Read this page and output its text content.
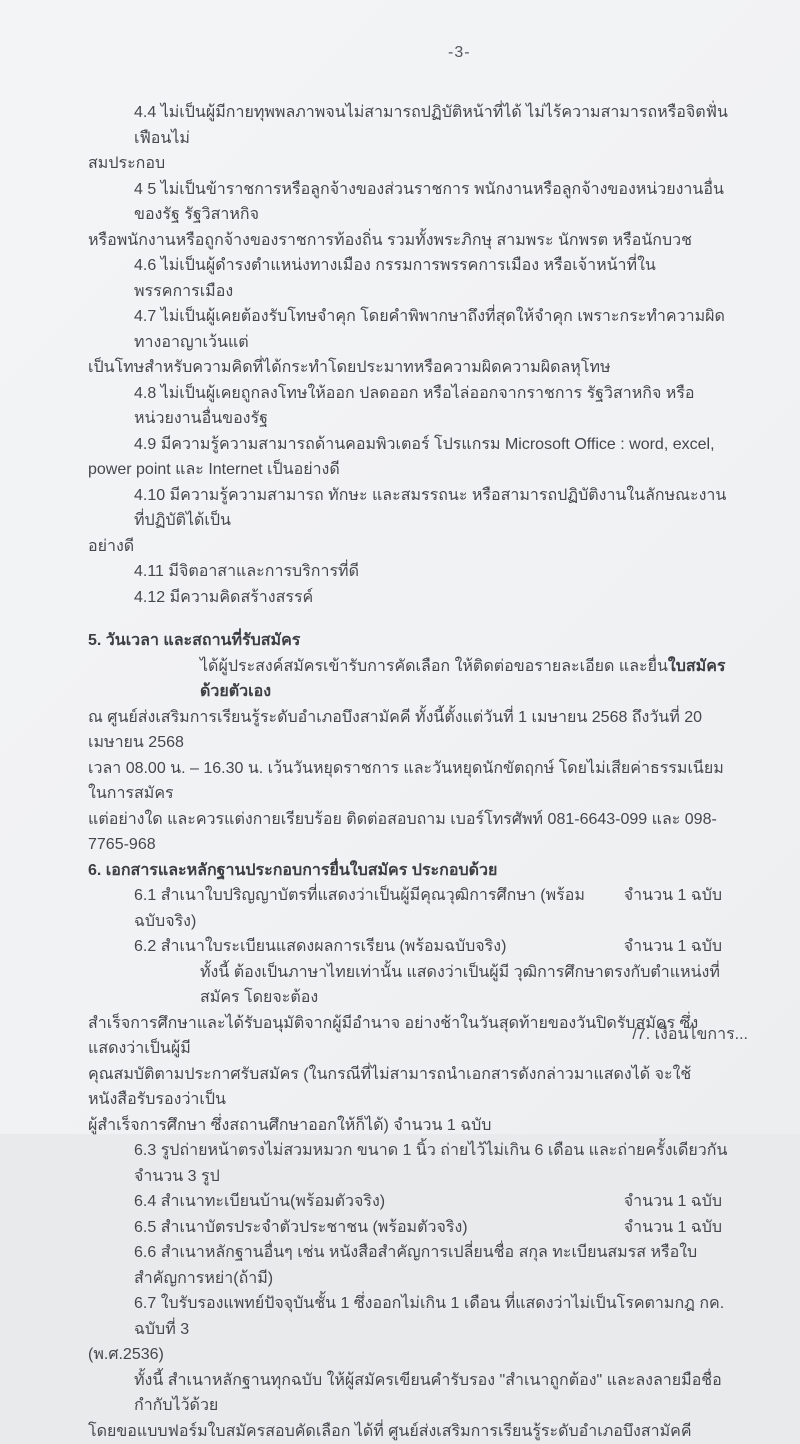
-3-
4.4 ไม่เป็นผู้มีกายทุพพลภาพจนไม่สามารถปฏิบัติหน้าที่ได้ ไม่ไร้ความสามารถหรือจิตฟั่นเฟือนไม่
สมประกอบ
4 5 ไม่เป็นข้าราชการหรือลูกจ้างของส่วนราชการ พนักงานหรือลูกจ้างของหน่วยงานอื่นของรัฐ รัฐวิสาหกิจ
หรือพนักงานหรือถูกจ้างของราชการท้องถิ่น รวมทั้งพระภิกษุ สามพระ นักพรต หรือนักบวช
4.6 ไม่เป็นผู้ดำรงตำแหน่งทางเมือง กรรมการพรรคการเมือง หรือเจ้าหน้าที่ในพรรคการเมือง
4.7 ไม่เป็นผู้เคยต้องรับโทษจำคุก โดยคำพิพากษาถึงที่สุดให้จำคุก เพราะกระทำความผิดทางอาญาเว้นแต่
เป็นโทษสำหรับความคิดที่ได้กระทำโดยประมาทหรือความผิดความผิดลหุโทษ
4.8 ไม่เป็นผู้เคยถูกลงโทษให้ออก ปลดออก หรือไล่ออกจากราชการ รัฐวิสาหกิจ หรือหน่วยงานอื่นของรัฐ
4.9 มีความรู้ความสามารถด้านคอมพิวเตอร์ โปรแกรม Microsoft Office : word, excel,
power point และ Internet เป็นอย่างดี
4.10 มีความรู้ความสามารถ ทักษะ และสมรรถนะ หรือสามารถปฏิบัติงานในลักษณะงานที่ปฏิบัติได้เป็น
อย่างดี
4.11 มีจิตอาสาและการบริการที่ดี
4.12 มีความคิดสร้างสรรค์
5. วันเวลา และสถานที่รับสมัคร
ได้ผู้ประสงค์สมัครเข้ารับการคัดเลือก ให้ติดต่อขอรายละเอียด และยื่นใบสมัครด้วยตัวเอง
ณ ศูนย์ส่งเสริมการเรียนรู้ระดับอำเภอบึงสามัคคี ทั้งนี้ตั้งแต่วันที่ 1 เมษายน 2568 ถึงวันที่ 20 เมษายน 2568
เวลา 08.00 น. – 16.30 น. เว้นวันหยุดราชการ และวันหยุดนักขัตฤกษ์ โดยไม่เสียค่าธรรมเนียมในการสมัคร
แต่อย่างใด และควรแต่งกายเรียบร้อย ติดต่อสอบถาม เบอร์โทรศัพท์ 081-6643-099 และ 098-7765-968
6. เอกสารและหลักฐานประกอบการยื่นใบสมัคร ประกอบด้วย
6.1 สำเนาใบปริญญาบัตรที่แสดงว่าเป็นผู้มีคุณวุฒิการศึกษา (พร้อมฉบับจริง)
จำนวน 1 ฉบับ
6.2 สำเนาใบระเบียนแสดงผลการเรียน (พร้อมฉบับจริง)	จำนวน 1 ฉบับ
ทั้งนี้ ต้องเป็นภาษาไทยเท่านั้น แสดงว่าเป็นผู้มี วุฒิการศึกษาตรงกับตำแหน่งที่สมัคร โดยจะต้อง
สำเร็จการศึกษาและได้รับอนุมัติจากผู้มีอำนาจ อย่างช้าในวันสุดท้ายของวันปิดรับสมัคร ซึ่งแสดงว่าเป็นผู้มี
คุณสมบัติตามประกาศรับสมัคร (ในกรณีที่ไม่สามารถนำเอกสารดังกล่าวมาแสดงได้ จะใช้หนังสือรับรองว่าเป็น
ผู้สำเร็จการศึกษา ซึ่งสถานศึกษาออกให้ก็ได้) จำนวน 1 ฉบับ
6.3 รูปถ่ายหน้าตรงไม่สวมหมวก ขนาด 1 นิ้ว ถ่ายไว้ไม่เกิน 6 เดือน และถ่ายครั้งเดียวกัน จำนวน 3 รูป
6.4 สำเนาทะเบียนบ้าน(พร้อมตัวจริง)	จำนวน 1 ฉบับ
6.5 สำเนาบัตรประจำตัวประชาชน (พร้อมตัวจริง)	จำนวน 1 ฉบับ
6.6 สำเนาหลักฐานอื่นๆ เช่น หนังสือสำคัญการเปลี่ยนชื่อ สกุล ทะเบียนสมรส หรือใบสำคัญการหย่า(ถ้ามี)
6.7 ใบรับรองแพทย์ปัจจุบันชั้น 1 ซึ่งออกไม่เกิน 1 เดือน ที่แสดงว่าไม่เป็นโรคตามกฎ กค. ฉบับที่ 3
(พ.ศ.2536)
ทั้งนี้ สำเนาหลักฐานทุกฉบับ ให้ผู้สมัครเขียนคำรับรอง "สำเนาถูกต้อง" และลงลายมือชื่อกำกับไว้ด้วย
โดยขอแบบฟอร์มใบสมัครสอบคัดเลือก ได้ที่ ศูนย์ส่งเสริมการเรียนรู้ระดับอำเภอบึงสามัคคี
/7. เงื่อนไขการ...
